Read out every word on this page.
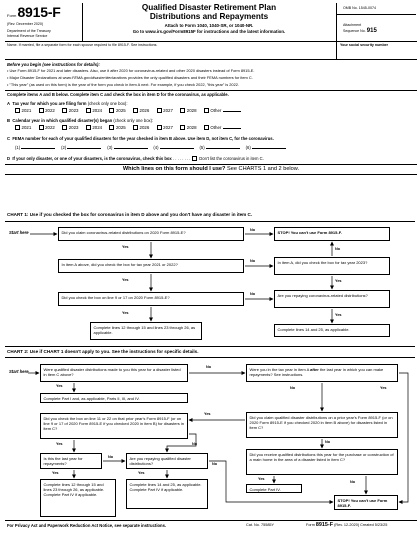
Form 8915-F
(Rev. December 2020)
Department of the Treasury
Internal Revenue Service
Qualified Disaster Retirement Plan
Distributions and Repayments
Attach to Form 1040, 1040-SR, or 1040-NR.
Go to www.irs.gov/Form8915F for instructions and the latest information.
OMB No. 1545-0074
Attachment
Sequence No. 915
Name. If married, file a separate form for each spouse required to file 8915-F. See instructions.	Your social security number
Before you begin (see instructions for details):
• Use Form 8915-F for 2021 and later disasters. Also, use it after 2020 for coronavirus-related and other 2020 disasters instead of Form 8915-E.
• Major Disaster Declarations at www.FEMA.gov/disaster/declarations provides the only qualified disasters and their FEMA numbers for item C.
• "This year" (as used on this form) is the year of the form you check in item A next. For example, if you check 2022, "this year" is 2022.
Complete items A and B below. Complete item C and check the box in item D for the coronavirus, as applicable.
A Tax year for which you are filing form (check only one box):
2021	2022	2023	2024	2025	2026	2027	2028	Other
B Calendar year in which qualified disaster(s) began (check only one box):
2021	2022	2023	2024	2025	2026	2027	2028	Other
C FEMA number for each of your qualified disasters for the year checked in item B above. Use item D, not item C, for the coronavirus.
(1)	(2)	(3)	(4)	(5)	(6)
D If your only disaster, or one of your disasters, is the coronavirus, check this box . . . . . . . . Don't list the coronavirus in item C.
Which lines on this form should I use? See CHARTS 1 and 2 below.
CHART 1: Use if you checked the box for coronavirus in item D above and you don't have any disaster in item C.
Start here	Did you claim coronavirus-related distributions on 2020 Form 8915-E?	STOP! You can't use Form 8915-F.
In item A above, did you check the box for tax year 2021 or 2022?	In item A, did you check the box for tax year 2023?
Did you check the box on line 9 or 17 on 2020 Form 8915-E?	Are you repaying coronavirus-related distributions?
Complete lines 12 through 15 and lines 23 through 26, as applicable.
Complete lines 14 and 25, as applicable.
No
Yes
No
No
Yes
Yes
No
Yes	Yes
CHART 2: Use if CHART 1 doesn't apply to you. See the instructions for specific details.
Start here	Were qualified disaster distributions made to you this year for a disaster listed in item C above?
Were you in the tax year in item A after the last year in which you can make repayments? See instructions.
Complete Part I and, as applicable, Parts II, III, and IV.
Did you claim qualified disaster distributions on a prior year's Form 8915-F (or on 2020 Form 8915-E if you checked 2020 in item B above) for disasters listed in item C?
Did you check the box on line 11 or 22 on that prior year's Form 8915-F (or on line 9 or 17 of 2020 Form 8915-E if you checked 2020 in item B) for disasters in item C?
Did you receive qualified distributions this year for the purchase or construction of a main home in the area of a disaster listed in item C?
Is this the last year for repayments?
Are you repaying qualified disaster distributions?
Complete lines 12 through 15 and lines 23 through 26, as applicable. Complete Part IV if applicable.
Complete lines 14 and 25, as applicable. Complete Part IV if applicable.	Complete Part IV.
STOP! You can't use Form 8915-F.
No
Yes	No	Yes
Yes
No
Yes	No
No
Yes	Yes
No
Yes
No
For Privacy Act and Paperwork Reduction Act Notice, see separate instructions.	Cat. No. 75585Y	Form 8915-F (Rev. 12-2020) Created 5/23/25
